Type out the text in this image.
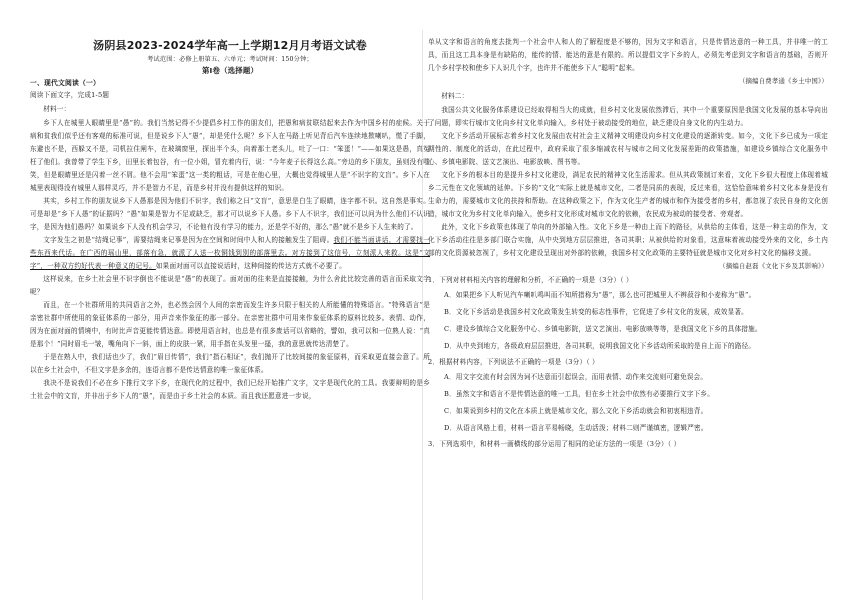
汤阴县2023-2024学年高一上学期12月月考语文试卷
考试范围：必修上册第五、六单元；考试时间：150分钟；
第Ⅰ卷（选择题）
一、现代文阅读（一）
阅读下面文字，完成1-5题
材料一：

乡下人在城里人眼睛里是“愚”的。我们当然记得不少提倡乡村工作的朋友们，把愚和病贫联结起来去作为中国乡村的症候。关于病和贫我们似乎还有客观的标准可说，但是说乡下人“愚”，却是凭什么呢？乡下人在马路上听见背后汽车连续地揿喇叭，慌了手脚，东避也不是，西躲又不是，司机拉住闸车，在玻璃窗里，探出半个头，向着那土老头儿，吐了一口：“笨蛋！”——如果这是愚，真冤枉了他们。我曾带了学生下乡，田里长着包谷，有一位小姐，冒充着内行，说：“今年麦子长得这么高。”旁边的乡下朋友，虽则没有嗤笑，但是眼睛里还是闪着一丝不屑。他不会用“笨蛋”这一类的粗话，可是在他心里，大概也觉得城里人是“不识字的文盲”。乡下人在城里表现得没有城里人那样灵巧，并不是智力不足，而是乡村并没有提供这样的知识。

其实，乡村工作的朋友说乡下人愚那是因为他们不识字，我们称之曰“文盲”，意思是白生了眼睛，连字都不识。这自然是事实。可是却是“乡下人愚”的证据吗？“愚”如果是智力不足或缺乏，那才可以说乡下人愚。乡下人不识字，我们还可以问为什么他们不认识字，是因为他们愚吗？如果说乡下人没有机会学习，不论他有没有学习的能力，还是学不好的，那么“愚”就不是乡下人生来的了。

文字发生之初是“结绳记事”，需要结绳来记事是因为在空间和时间中人和人的接触发生了阻碍。我们不能当面讲话，才需要找一些东西来代话。在广西的瑶山里，部落有急，就派了人送一枚铜钱到别的部落里去。对方接到了这信号，立刻派人来救。这是“文字”，一种双方约好代表一种意义的记号。如果面对面可以直接说话时，这种间接的传达方式就不必要了。

这样说来，在乡土社会里不识字倒也不能说是“愚”的表现了。面对面的往来是直接接触，为什么舍此比较完善的语言而采取文字呢？

而且，在一个社群所用的共同语言之外，也必然会因个人间的亲密而发生许多只限于相关的人所能懂的特殊语言。“特殊语言”是亲密社群中所使用的象征体系的一部分，用声音来作象征的那一部分。在亲密社群中可用来作象征体系的原料比较多。表情、动作，因为在面对面的情境中，有时比声音更能传情达意。即使用语言时，也总是有很多废话可以省略的，譬如，我可以和一位熟人说：“真是那个！”同时眉毛一皱，嘴角向下一斜，面上的皮肤一紧，用手指在头发里一搔，我的意思就传达清楚了。

于是在熟人中，我们话也少了，我们“眉目传情”，我们“指石相证”，我们抛开了比较间接的象征原料，而采取更直接会意了。所以在乡土社会中，不但文字是多余的，连语言都不是传达情意的唯一象征体系。

我决不是说我们不必在乡下推行文字下乡，在现代化的过程中，我们已经开始推广文字，文字是现代化的工具。我要辩明的是乡土社会中的文盲，并非出于乡下人的“愚”，而是由于乡土社会的本质。而且我还愿意进一步说，

单从文字和语言的角度去批判一个社会中人和人的了解程度是不够的，因为文字和语言，只是传情达意的一种工具，并非唯一的工具，而且这工具本身是有缺陷的，能传的情、能达的意是有限的。所以提倡文字下乡的人，必须先考虑到文字和语言的基础，否则开几个乡村学校和使乡下人识几个字，也许并不能使乡下人“聪明”起来。

（摘编自费孝通《乡土中国》）
材料二：

我国公共文化服务体系建设已经取得相当大的成就，但乡村文化发展依然滞后，其中一个重要原因是我国文化发展的基本导向出了问题，即实行城市文化向乡村文化单向输入，乡村处于被动接受的地位，缺乏建设自身文化的内生动力。

文化下乡活动开展标志着乡村文化发展由农村社会主义精神文明建设向乡村文化建设的逐渐转变。如今，文化下乡已成为一项定期性的、制度化的活动，在此过程中，政府采取了很多缩减农村与城市之间文化发展差距的政策措施，如建设乡镇综合文化服务中心、乡镇电影院、送文艺演出、电影放映、图书等。

文化下乡的根本目的是提升乡村文化建设，满足农民的精神文化生活需求。但从其政策制订来看，文化下乡很大程度上体现着城乡二元性在文化领域的延伸。下乡的“文化”实际上就是城市文化，二者是同质的表现，反过来看，这恰恰意味着乡村文化本身是没有生命力的，需要城市文化的扶持和帮助。在这种政策之下，作为文化生产者的城市和作为接受者的乡村，都忽视了农民自身的文化创造，城市文化为乡村文化单向输入，使乡村文化形成对城市文化的依赖，农民成为被动的接受者、旁观者。

此外，文化下乡政策也体现了单向的外部输入性。文化下乡是一种由上而下的路径，从供给的主体看，这是一种主动的作为，文化下乡活动往往是多部门联合实施，从中央到地方层层推进，各司其职；从被供给的对象看，这意味着被动接受外来的文化，乡土内部的文化资源被忽视了，乡村文化建设呈现出对外部的依赖，我国乡村文化政策的主要特征就是城市文化对乡村文化的偏移支援。

（摘编自赵磊《文化下乡及其影响》）
1．下列对材料相关内容的理解和分析，不正确的一项是（3分）（ ）
A．如果把乡下人听见汽车喇叭鸣叫而不知所措称为“愚”，那么也可把城里人不辨菽谷和小麦称为“愚”。
B．文化下乡活动是我国乡村文化政策发生转变的标志性事件，它促进了乡村文化的发展，成效显著。
C．建设乡镇综合文化服务中心、乡镇电影院，送文艺演出、电影放映等等，是我国文化下乡的具体措施。
D．从中央到地方，各级政府层层推进，各司其职，说明我国文化下乡活动所采取的是自上而下的路径。
2．根据材料内容，下列说法不正确的一项是（3分）（ ）
A．用文字交流有时会因为词不达意而引起误会，而用表情、动作来交流则可避免误会。
B．虽然文字和语言不是传情达意的唯一工具，但在乡土社会中依然有必要推行文字下乡。
C．如果说到乡村的文化在本质上就是城市文化，那么文化下乡活动就会和初衷相违背。
D．从语言风格上看，材料一语言平易畅晓，生动活泼；材料二则严谨缜密，逻辑严密。
3．下列选项中，和材料一画横线的部分运用了相同的论证方法的一项是（3分）（ ）
